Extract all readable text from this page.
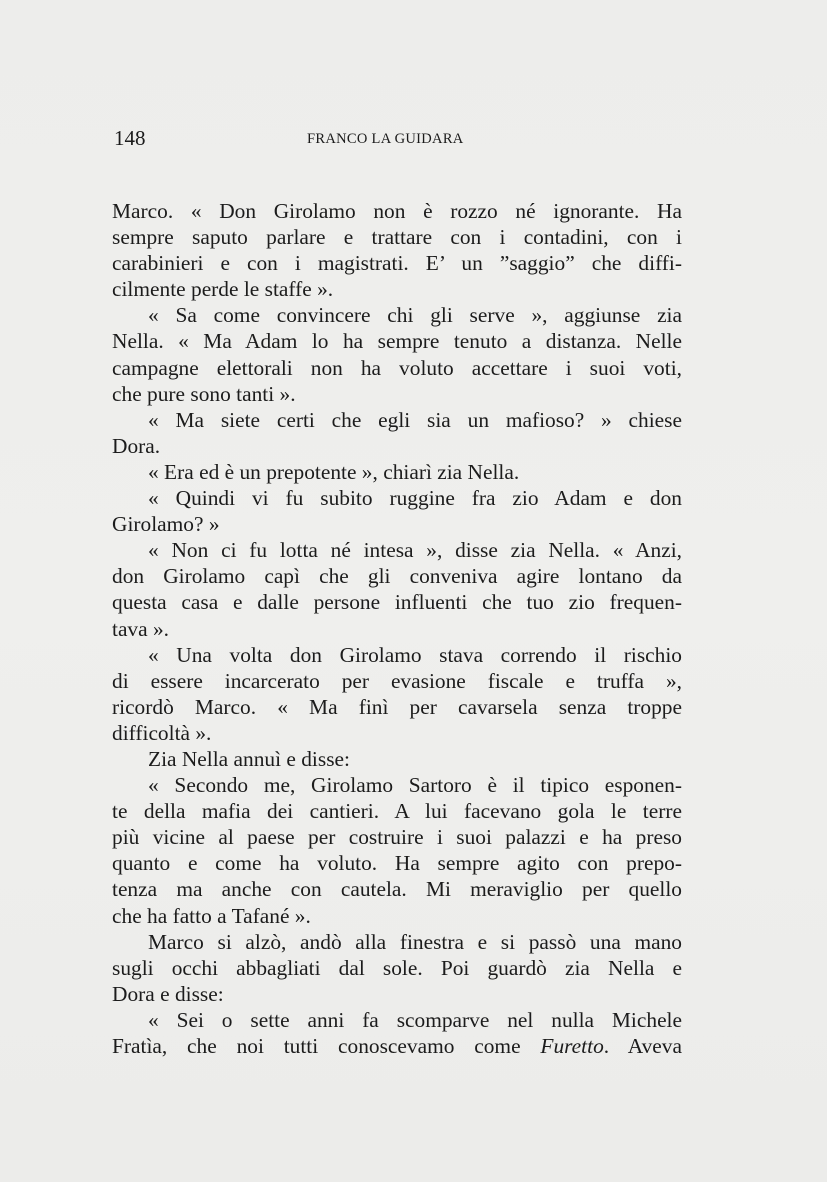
148	FRANCO LA GUIDARA
Marco. « Don Girolamo non è rozzo né ignorante. Ha
sempre saputo parlare e trattare con i contadini, con i
carabinieri e con i magistrati. E’ un ”saggio” che diffi-
cilmente perde le staffe ».
« Sa come convincere chi gli serve », aggiunse zia
Nella. « Ma Adam lo ha sempre tenuto a distanza. Nelle
campagne elettorali non ha voluto accettare i suoi voti,
che pure sono tanti ».
« Ma siete certi che egli sia un mafioso? » chiese
Dora.
« Era ed è un prepotente », chiarì zia Nella.
« Quindi vi fu subito ruggine fra zio Adam e don
Girolamo? »
« Non ci fu lotta né intesa », disse zia Nella. « Anzi,
don Girolamo capì che gli conveniva agire lontano da
questa casa e dalle persone influenti che tuo zio frequen-
tava ».
« Una volta don Girolamo stava correndo il rischio
di essere incarcerato per evasione fiscale e truffa »,
ricordò Marco. « Ma finì per cavarsela senza troppe
difficoltà ».
Zia Nella annuì e disse:
« Secondo me, Girolamo Sartoro è il tipico esponen-
te della mafia dei cantieri. A lui facevano gola le terre
più vicine al paese per costruire i suoi palazzi e ha preso
quanto e come ha voluto. Ha sempre agito con prepo-
tenza ma anche con cautela. Mi meraviglio per quello
che ha fatto a Tafané ».
Marco si alzò, andò alla finestra e si passò una mano
sugli occhi abbagliati dal sole. Poi guardò zia Nella e
Dora e disse:
« Sei o sette anni fa scomparve nel nulla Michele
Fratìa, che noi tutti conoscevamo come Furetto. Aveva
